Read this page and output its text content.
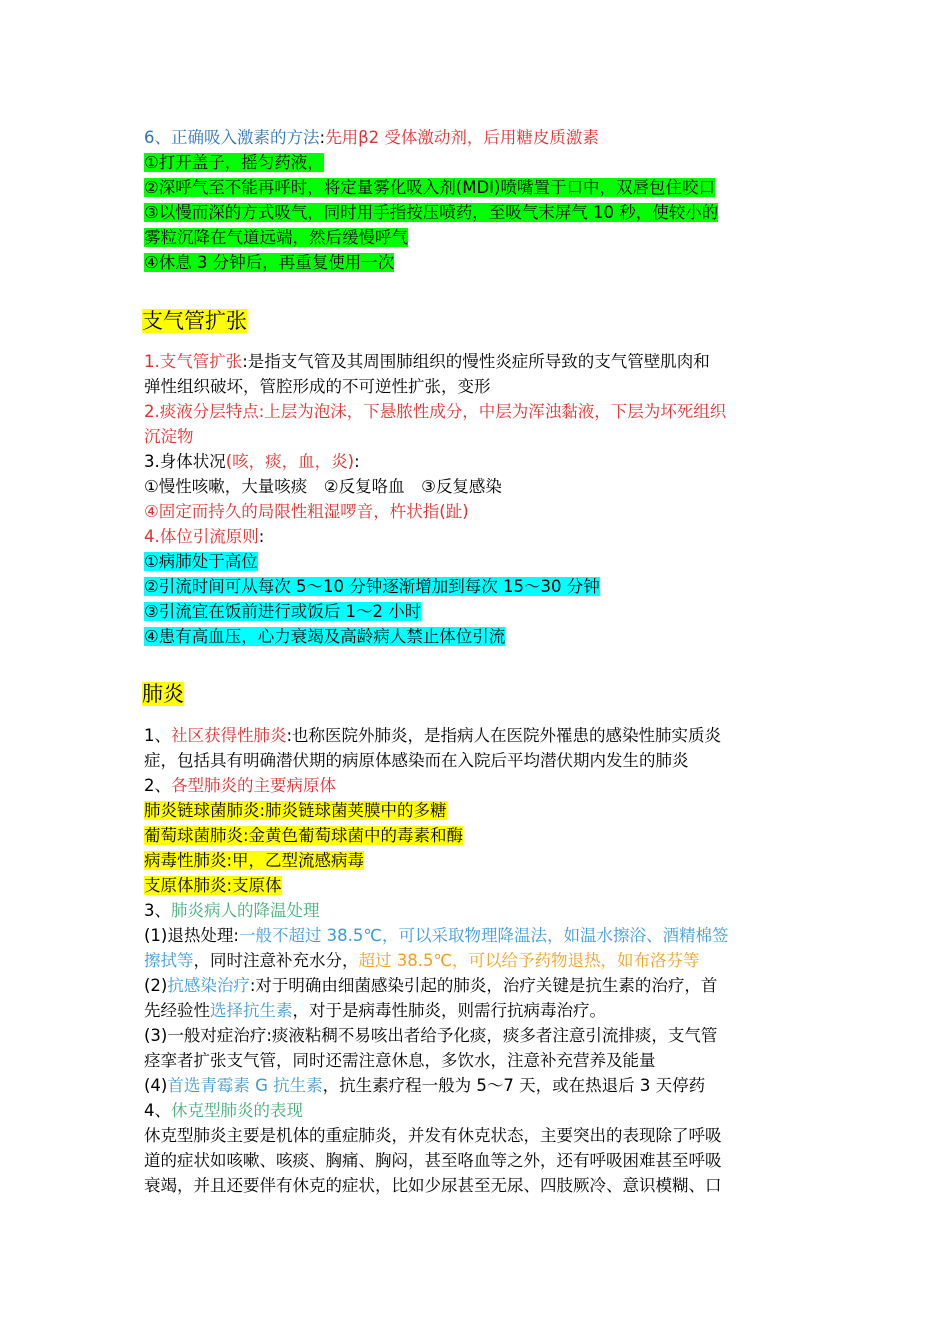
6、正确吸入激素的方法:先用β2 受体激动剂，后用糖皮质激素
①打开盖子，摇匀药液，
②深呼气至不能再呼时，将定量雾化吸入剂(MDI)喷嘴置于口中，双唇包住咬口
③以慢而深的方式吸气，同时用手指按压喷药，至吸气末屏气 10 秒，使较小的
雾粒沉降在气道远端，然后缓慢呼气
④休息 3 分钟后，再重复使用一次
支气管扩张
1.支气管扩张:是指支气管及其周围肺组织的慢性炎症所导致的支气管壁肌肉和
弹性组织破坏，管腔形成的不可逆性扩张，变形
2.痰液分层特点:上层为泡沫，下悬脓性成分，中层为浑浊黏液，下层为坏死组织
沉淀物
3.身体状况(咳，痰，血，炎):
①慢性咳嗽，大量咳痰　②反复咯血　③反复感染
④固定而持久的局限性粗湿啰音，杵状指(趾)
4.体位引流原则:
①病肺处于高位
②引流时间可从每次 5～10 分钟逐渐增加到每次 15～30 分钟
③引流宜在饭前进行或饭后 1～2 小时
④患有高血压，心力衰竭及高龄病人禁止体位引流
肺炎
1、社区获得性肺炎:也称医院外肺炎，是指病人在医院外罹患的感染性肺实质炎
症，包括具有明确潜伏期的病原体感染而在入院后平均潜伏期内发生的肺炎
2、各型肺炎的主要病原体
肺炎链球菌肺炎:肺炎链球菌荚膜中的多糖
葡萄球菌肺炎:金黄色葡萄球菌中的毒素和酶
病毒性肺炎:甲，乙型流感病毒
支原体肺炎:支原体
3、肺炎病人的降温处理
(1)退热处理:一般不超过 38.5℃，可以采取物理降温法，如温水擦浴、酒精棉签
擦拭等，同时注意补充水分，超过 38.5℃，可以给予药物退热，如布洛芬等
(2)抗感染治疗:对于明确由细菌感染引起的肺炎，治疗关键是抗生素的治疗，首
先经验性选择抗生素，对于是病毒性肺炎，则需行抗病毒治疗。
(3)一般对症治疗:痰液粘稠不易咳出者给予化痰，痰多者注意引流排痰，支气管
痉挛者扩张支气管，同时还需注意休息，多饮水，注意补充营养及能量
(4)首选青霉素 G 抗生素，抗生素疗程一般为 5～7 天，或在热退后 3 天停药
4、休克型肺炎的表现
休克型肺炎主要是机体的重症肺炎，并发有休克状态，主要突出的表现除了呼吸
道的症状如咳嗽、咳痰、胸痛、胸闷，甚至咯血等之外，还有呼吸困难甚至呼吸
衰竭，并且还要伴有休克的症状，比如少尿甚至无尿、四肢厥冷、意识模糊、口
